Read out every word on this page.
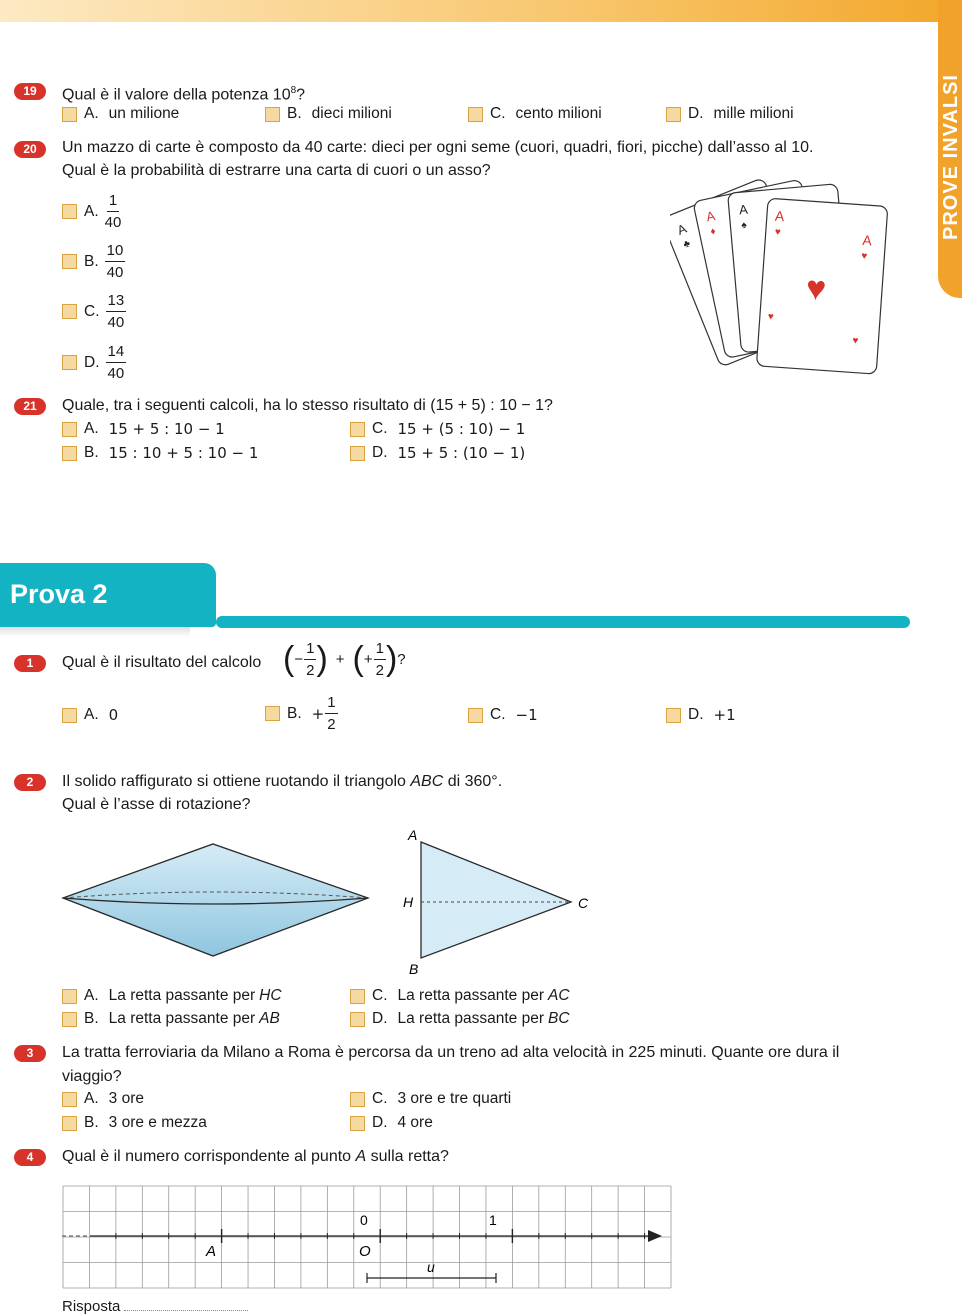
PROVE INVALSI
19	Qual è il valore della potenza $10^8$?
A. un milione	B. dieci milioni	C. cento milioni	D. mille milioni
20	Un mazzo di carte è composto da 40 carte: dieci per ogni seme (cuori, quadri, fiori, picche) dall’asso al 10.
Qual è la probabilità di estrarre una carta di cuori o un asso?
A. $\frac{1}{40}$
B. $\frac{10}{40}$
C. $\frac{13}{40}$
D. $\frac{14}{40}$
A
♣
A
♦
A
♠
A
♥	A
♥
♥
♥
♥
21	Quale, tra i seguenti calcoli, ha lo stesso risultato di (15 + 5) : 10 − 1?
A. 15 + 5 : 10 − 1
B. 15 : 10 + 5 : 10 − 1
C. 15 + (5 : 10) − 1
D. 15 + 5 : (10 − 1)
Prova 2
1	Qual è il risultato del calcolo ( − $\frac{1}{2}$ ) + ( + $\frac{1}{2}$ ) ?
A. 0	B. + $\frac{1}{2}$	C. −1	D. +1
2	Il solido raffigurato si ottiene ruotando il triangolo ABC di 360°.
Qual è l’asse di rotazione?
A
H	C
B
A. La retta passante per HC
B. La retta passante per AB
C. La retta passante per AC
D. La retta passante per BC
3	La tratta ferroviaria da Milano a Roma è percorsa da un treno ad alta velocità in 225 minuti. Quante ore dura il
viaggio?
A. 3 ore
B. 3 ore e mezza
C. 3 ore e tre quarti
D. 4 ore
4	Qual è il numero corrispondente al punto A sulla retta?
0	1
A	O
u
Risposta
